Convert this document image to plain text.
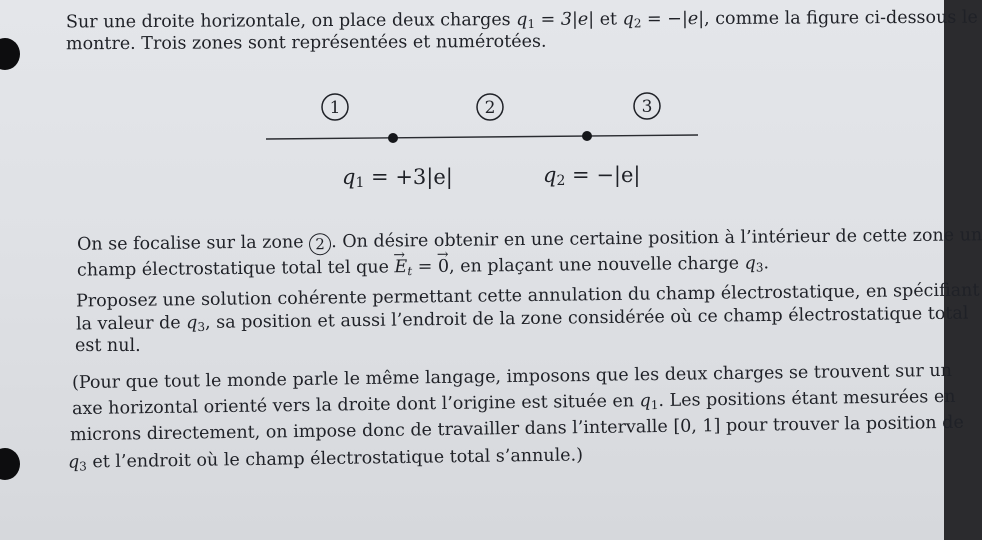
Sur une droite horizontale, on place deux charges $q_1 = 3|e|$ et $q_2 = -|e|$, comme la figure ci-dessous le
montre. Trois zones sont représentées et numérotées.
1	2	3
$q_1 = +3|e|$	$q_2 = -|e|$
On se focalise sur la zone 2 . On désire obtenir en une certaine position à l’intérieur de cette zone un
champ électrostatique total tel que → $E_t$ = → 0, en plaçant une nouvelle charge $q_3$.
Proposez une solution cohérente permettant cette annulation du champ électrostatique, en spécifiant
la valeur de $q_3$, sa position et aussi l’endroit de la zone considérée où ce champ électrostatique total
est nul.
(Pour que tout le monde parle le même langage, imposons que les deux charges se trouvent sur un
axe horizontal orienté vers la droite dont l’origine est située en $q_1$. Les positions étant mesurées en
microns directement, on impose donc de travailler dans l’intervalle [0, 1] pour trouver la position de
$q_3$ et l’endroit où le champ électrostatique total s’annule.)
